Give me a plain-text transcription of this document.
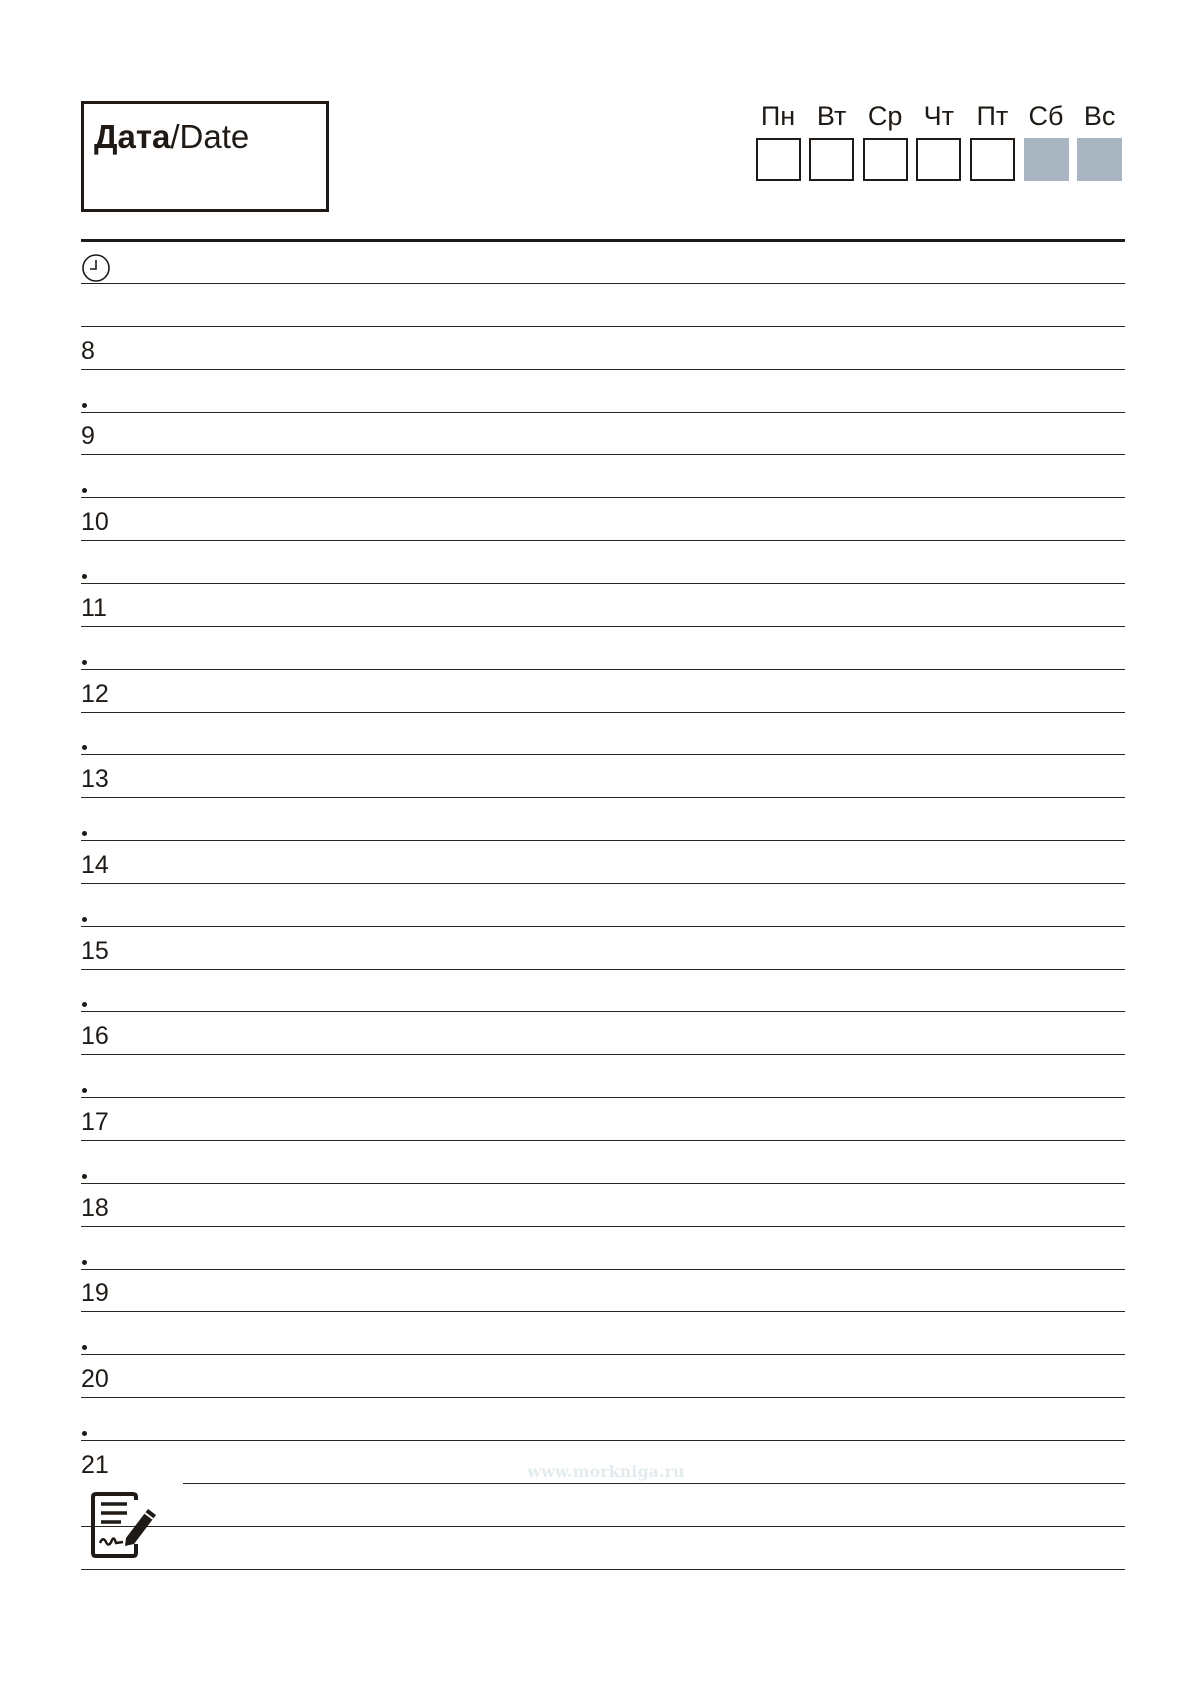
Дата/Date
Пн Вт Ср Чт Пт Сб Вс
8
9
10
11
12
13
14
15
16
17
18
19
20
21	www.morkniga.ru
